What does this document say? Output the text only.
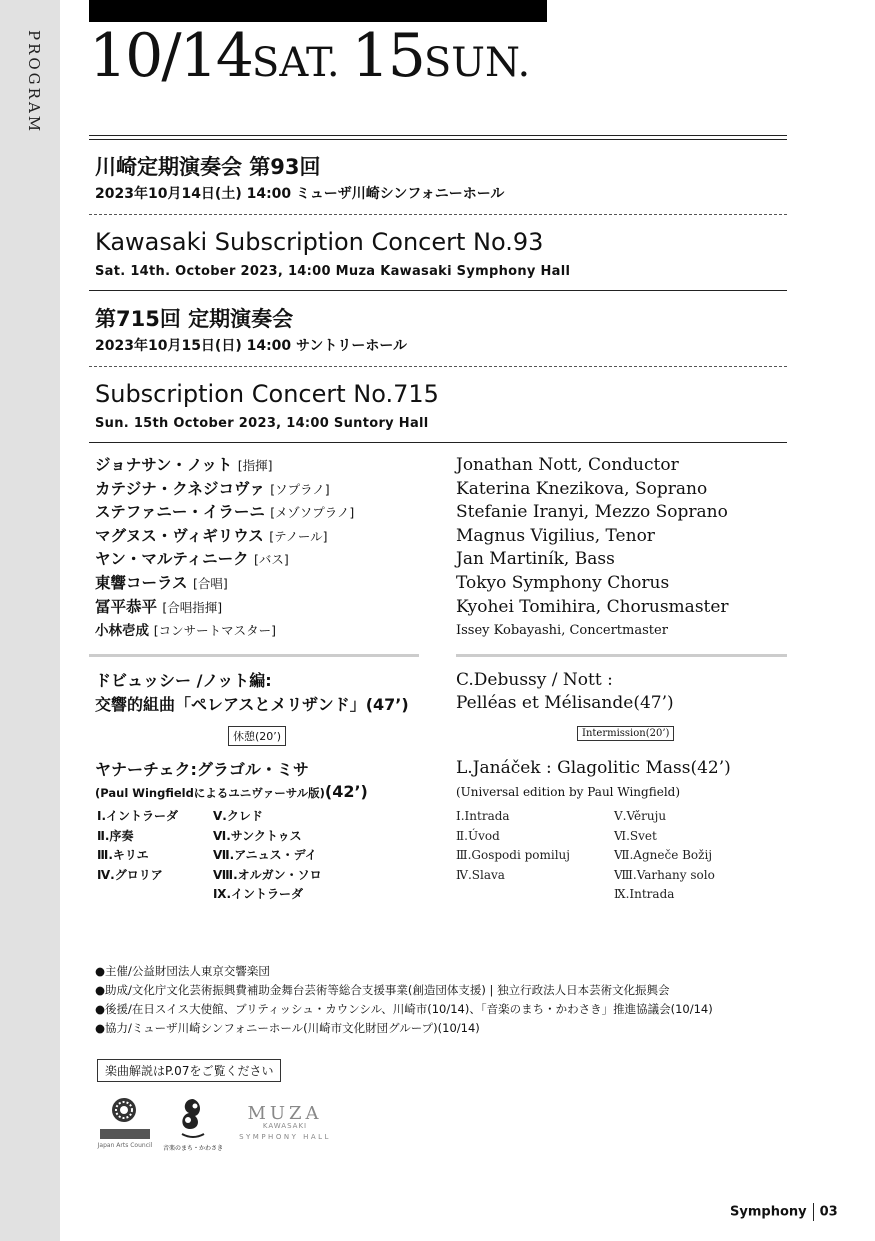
PROGRAM 10/14SAT. 15SUN.
川崎定期演奏会 第93回
2023年10月14日(土) 14:00 ミューザ川崎シンフォニーホール
Kawasaki Subscription Concert No.93
Sat. 14th. October 2023, 14:00 Muza Kawasaki Symphony Hall
第715回 定期演奏会
2023年10月15日(日) 14:00 サントリーホール
Subscription Concert No.715
Sun. 15th October 2023, 14:00 Suntory Hall
ジョナサン・ノット [指揮]
カテジナ・クネジコヴァ [ソプラノ]
ステファニー・イラーニ [メゾソプラノ]
マグヌス・ヴィギリウス [テノール]
ヤン・マルティニーク [バス]
東響コーラス [合唱]
冨平恭平 [合唱指揮]
小林壱成 [コンサートマスター]
Jonathan Nott, Conductor
Katerina Knezikova, Soprano
Stefanie Iranyi, Mezzo Soprano
Magnus Vigilius, Tenor
Jan Martiník, Bass
Tokyo Symphony Chorus
Kyohei Tomihira, Chorusmaster
Issey Kobayashi, Concertmaster
ドビュッシー /ノット編:
交響的組曲「ペレアスとメリザンド」(47’)
休憩(20’)
ヤナーチェク:グラゴル・ミサ
(Paul Wingfieldによるユニヴァーサル版)(42’)
Ⅰ.イントラーダ
Ⅱ.序奏
Ⅲ.キリエ
Ⅳ.グロリア
Ⅴ.クレド
Ⅵ.サンクトゥス
Ⅶ.アニュス・デイ
Ⅷ.オルガン・ソロ
Ⅸ.イントラーダ
C.Debussy / Nott :
Pelléas et Mélisande(47’)
Intermission(20’)
L.Janáček : Glagolitic Mass(42’)
(Universal edition by Paul Wingfield)
Ⅰ.Intrada
Ⅱ.Úvod
Ⅲ.Gospodi pomiluj
Ⅳ.Slava
Ⅴ.Věruju
Ⅵ.Svet
Ⅶ.Agneče Božij
Ⅷ.Varhany solo
Ⅸ.Intrada
●主催/公益財団法人東京交響楽団
●助成/文化庁文化芸術振興費補助金舞台芸術等総合支援事業(創造団体支援) | 独立行政法人日本芸術文化振興会
●後援/在日スイス大使館、ブリティッシュ・カウンシル、川崎市(10/14)、「音楽のまち・かわさき」推進協議会(10/14)
●協力/ミューザ川崎シンフォニーホール(川崎市文化財団グループ)(10/14)
楽曲解説はP.07をご覧ください
Japan Arts Council 音楽のまち・かわさき
MUZA
KAWASAKI
SYMPHONY HALL
Symphony 03
